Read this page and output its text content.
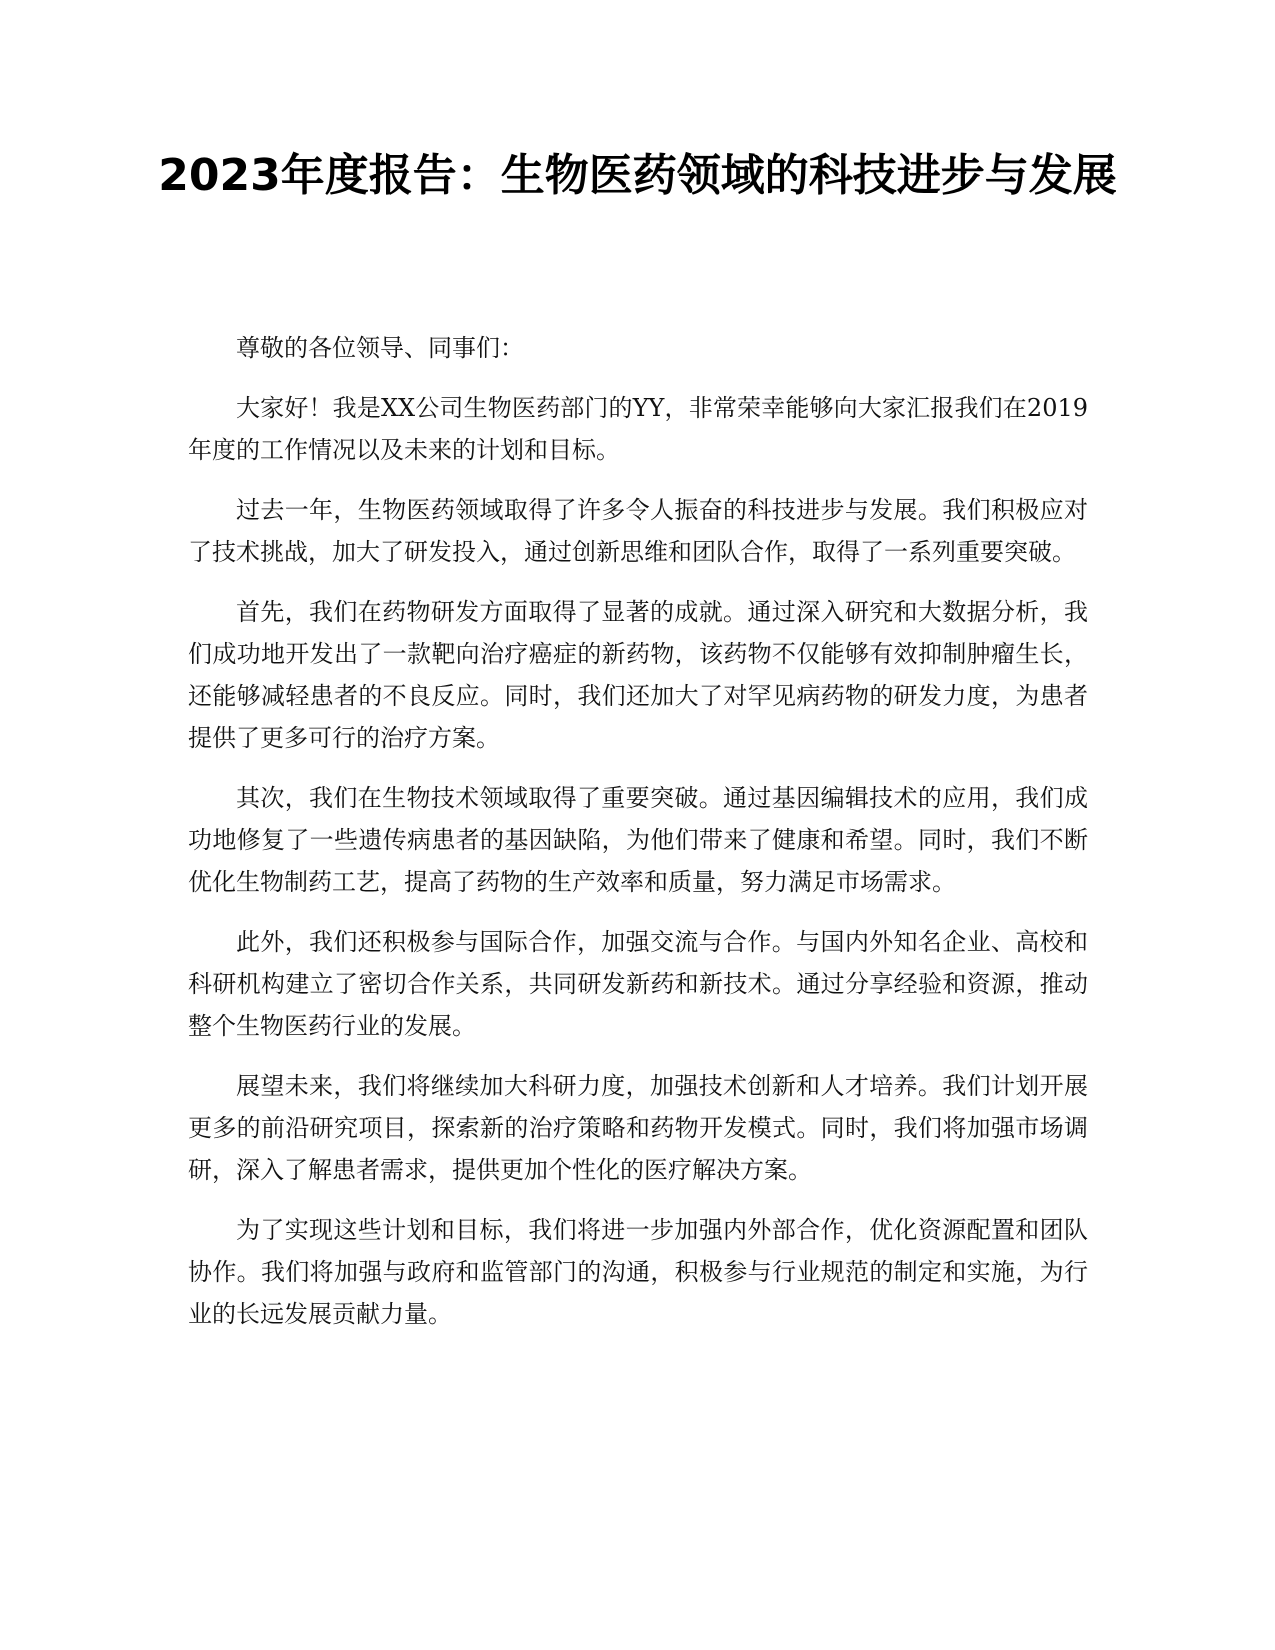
2023年度报告：生物医药领域的科技进步与发展

尊敬的各位领导、同事们：

大家好！我是XX公司生物医药部门的YY，非常荣幸能够向大家汇报我们在2019年度的工作情况以及未来的计划和目标。

过去一年，生物医药领域取得了许多令人振奋的科技进步与发展。我们积极应对了技术挑战，加大了研发投入，通过创新思维和团队合作，取得了一系列重要突破。

首先，我们在药物研发方面取得了显著的成就。通过深入研究和大数据分析，我们成功地开发出了一款靶向治疗癌症的新药物，该药物不仅能够有效抑制肿瘤生长，还能够减轻患者的不良反应。同时，我们还加大了对罕见病药物的研发力度，为患者提供了更多可行的治疗方案。

其次，我们在生物技术领域取得了重要突破。通过基因编辑技术的应用，我们成功地修复了一些遗传病患者的基因缺陷，为他们带来了健康和希望。同时，我们不断优化生物制药工艺，提高了药物的生产效率和质量，努力满足市场需求。

此外，我们还积极参与国际合作，加强交流与合作。与国内外知名企业、高校和科研机构建立了密切合作关系，共同研发新药和新技术。通过分享经验和资源，推动整个生物医药行业的发展。

展望未来，我们将继续加大科研力度，加强技术创新和人才培养。我们计划开展更多的前沿研究项目，探索新的治疗策略和药物开发模式。同时，我们将加强市场调研，深入了解患者需求，提供更加个性化的医疗解决方案。

为了实现这些计划和目标，我们将进一步加强内外部合作，优化资源配置和团队协作。我们将加强与政府和监管部门的沟通，积极参与行业规范的制定和实施，为行业的长远发展贡献力量。
